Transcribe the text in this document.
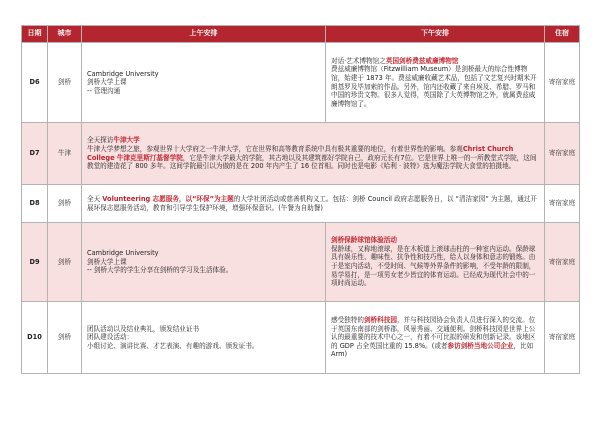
日期	城市	上午安排	下午安排	住宿
D6	剑桥	Cambridge University
剑桥大学上课
-- 管理沟通	对话·艺术博物馆之英国剑桥费兹威廉博物馆
费兹威廉博物馆（Fitzwilliam Museum）是剑桥最大的综合性博物馆，始建于 1873 年。费兹威廉收藏艺术品，包括了文艺复兴时期米开朗基罗及毕加索的作品。另外，馆内还收藏了来自埃及、希腊、罗马和中国的珍贵文物。很多人觉得，英国除了大英博物馆之外，就属费兹威廉博物馆了。	寄宿家庭
D7	牛津	全天探访牛津大学
牛津大学梦想之旅，参观世界十大学府之一牛津大学，它在世界和高等教育系统中具有极其重要的地位，有着世界性的影响。参观Christ Church College 牛津克里斯汀基督学院，它是牛津大学最大的学院，其古地以及其建筑都好学院自己，政府元长有7位。它是世界上唯一的一所教堂式学院，这间教堂的建造花了 800 多年。这间学院最引以为傲的是在 200 年内产生了 16 位首相。同时也是电影《哈利 · 波特》选为魔法学院大食堂的拍摄地。		寄宿家庭
D8	剑桥	全天 Volunteering 志愿服务，以“环保”为主题的大学社团活动或慈善机构义工。包括：剑桥 Council 政府志愿服务日，以 “清洁家园” 为主题，通过开展环保志愿服务活动，教育和引导学生保护环境，增强环保意识。(午餐为自助餐)		寄宿家庭
D9	剑桥	Cambridge University
剑桥大学上课
-- 剑桥大学的学生分享在剑桥的学习及生活体验。	剑桥保龄球馆体验活动
保龄球，又称地滚球，是在木板道上滚球击柱的一种室内运动。保龄球具有娱乐性、趣味性、抗争性和技巧性，给人以身体和意志的锻炼。由于是室内活动，不受时间、气候等外界条件的影响，不受年龄的限制，易学易打，是一项男女老少皆宜的体育运动。已经成为现代社会中的一项时尚运动。	寄宿家庭
D10	剑桥	团队活动以及结业典礼，颁发结业证书
团队建设活动：
小组讨论、演讲比赛、才艺表演、有趣的游戏、颁发证书。	感受独特的剑桥科技园，并与科技园协会负责人员进行深入的交流。位于英国东南部的剑桥郡，风景秀丽、交通便利。剑桥科技园是世界上公认的最重要的技术中心之一，有着不可比拟的研发和创新记录。该地区的 GDP 占全英国比重的 15.8%。(或者参访剑桥当地公司企业，比如 Arm)	寄宿家庭
